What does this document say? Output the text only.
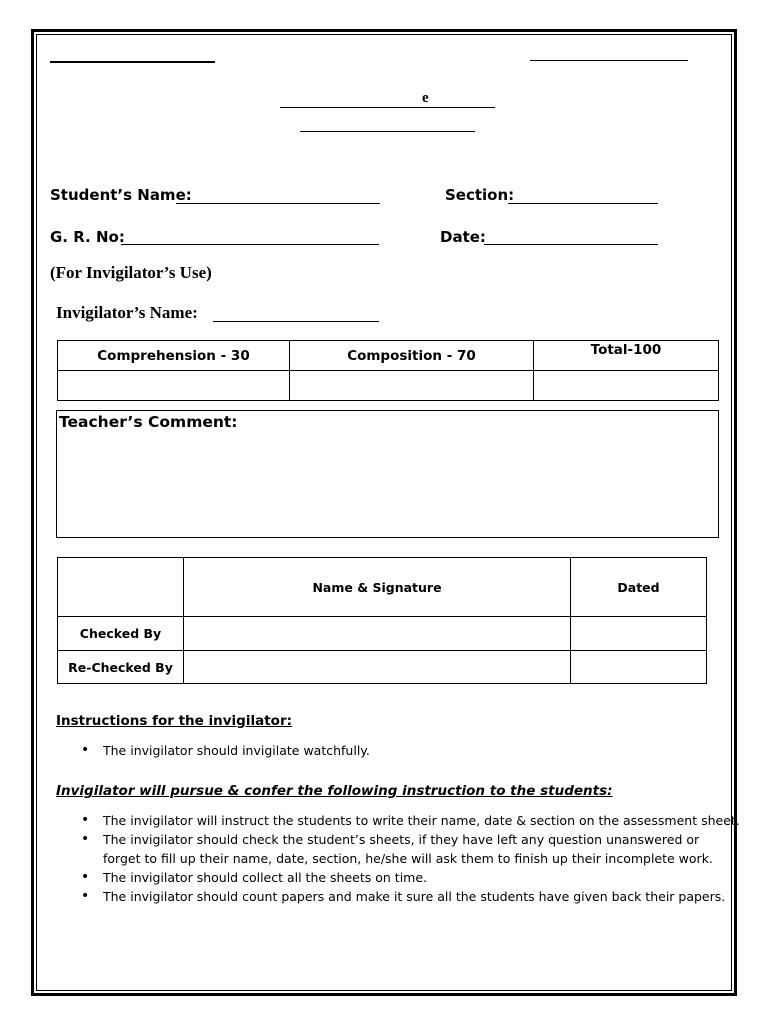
e
Student’s Name:	Section:
G. R. No:	Date:
(For Invigilator’s Use)
Invigilator’s Name:
Comprehension - 30	Composition - 70	Total-100

Teacher’s Comment:
	Name & Signature	Dated
Checked By		
Re-Checked By		
Instructions for the invigilator:
• The invigilator should invigilate watchfully.
Invigilator will pursue & confer the following instruction to the students:
• The invigilator will instruct the students to write their name, date & section on the assessment sheet.
• The invigilator should check the student’s sheets, if they have left any question unanswered or forget to fill up their name, date, section, he/she will ask them to finish up their incomplete work.
• The invigilator should collect all the sheets on time.
• The invigilator should count papers and make it sure all the students have given back their papers.
